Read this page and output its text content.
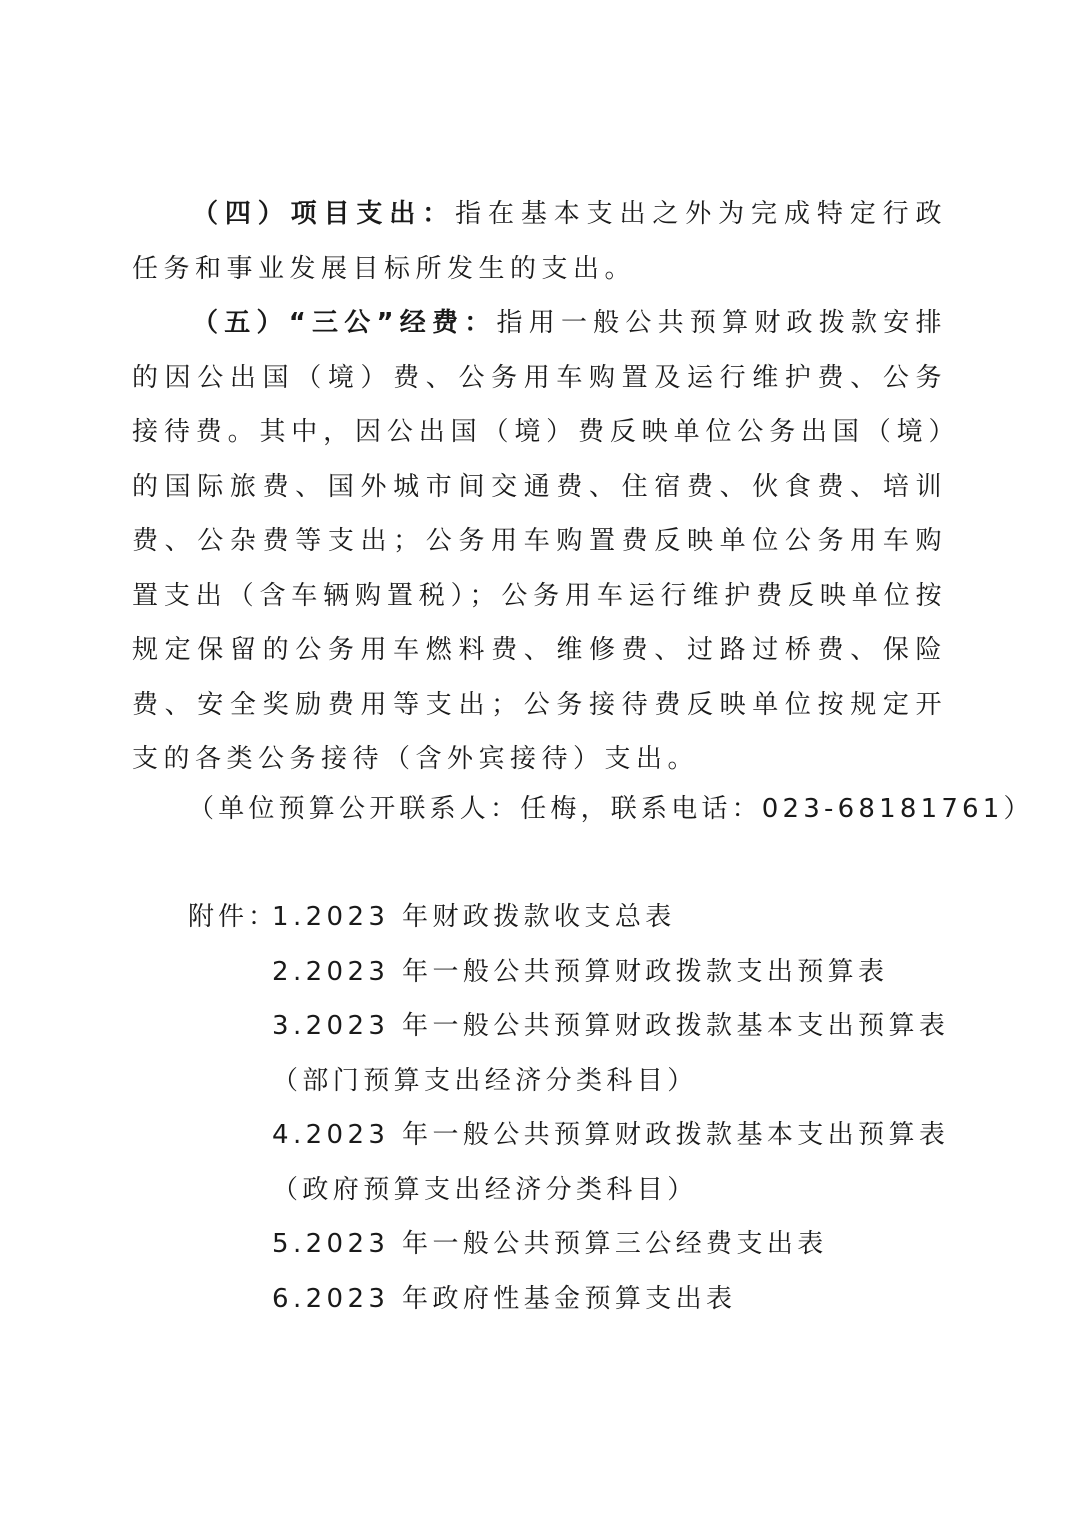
（四）项目支出：指在基本支出之外为完成特定行政任务和事业发展目标所发生的支出。

（五）“三公”经费：指用一般公共预算财政拨款安排的因公出国（境）费、公务用车购置及运行维护费、公务接待费。其中，因公出国（境）费反映单位公务出国（境）的国际旅费、国外城市间交通费、住宿费、伙食费、培训费、公杂费等支出；公务用车购置费反映单位公务用车购置支出（含车辆购置税）；公务用车运行维护费反映单位按规定保留的公务用车燃料费、维修费、过路过桥费、保险费、安全奖励费用等支出；公务接待费反映单位按规定开支的各类公务接待（含外宾接待）支出。

（单位预算公开联系人：任梅，联系电话：023-68181761）

附件：
1.2023 年财政拨款收支总表
2.2023 年一般公共预算财政拨款支出预算表
3.2023 年一般公共预算财政拨款基本支出预算表
（部门预算支出经济分类科目）
4.2023 年一般公共预算财政拨款基本支出预算表
（政府预算支出经济分类科目）
5.2023 年一般公共预算三公经费支出表
6.2023 年政府性基金预算支出表
